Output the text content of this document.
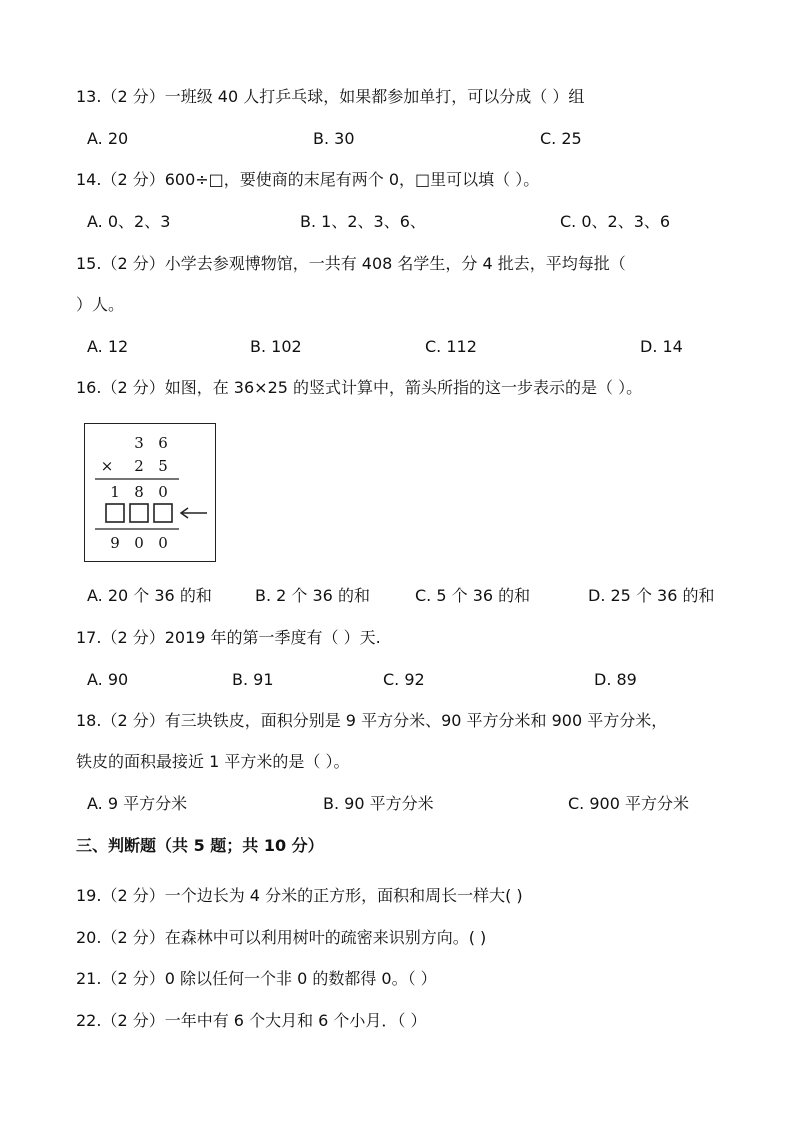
13.（2 分）一班级 40 人打乒乓球，如果都参加单打，可以分成（ ）组
A. 20	B. 30	C. 25
14.（2 分）600÷□，要使商的末尾有两个 0，□里可以填（ ）。
A. 0、2、3	B. 1、2、3、6、	C. 0、2、3、6
15.（2 分）小学去参观博物馆，一共有 408 名学生，分 4 批去，平均每批（
）人。
A. 12	B. 102	C. 112	D. 14
16.（2 分）如图，在 36×25 的竖式计算中，箭头所指的这一步表示的是（ ）。
3 6
× 2 5
1 8 0
9 0 0
A. 20 个 36 的和	B. 2 个 36 的和	C. 5 个 36 的和	D. 25 个 36 的和
17.（2 分）2019 年的第一季度有（ ）天.
A. 90	B. 91	C. 92	D. 89
18.（2 分）有三块铁皮，面积分别是 9 平方分米、90 平方分米和 900 平方分米，
铁皮的面积最接近 1 平方米的是（ ）。
A. 9 平方分米	B. 90 平方分米	C. 900 平方分米
三、判断题（共 5 题；共 10 分）
19.（2 分）一个边长为 4 分米的正方形，面积和周长一样大( )
20.（2 分）在森林中可以利用树叶的疏密来识别方向。( )
21.（2 分）0 除以任何一个非 0 的数都得 0。（ ）
22.（2 分）一年中有 6 个大月和 6 个小月．（ ）
